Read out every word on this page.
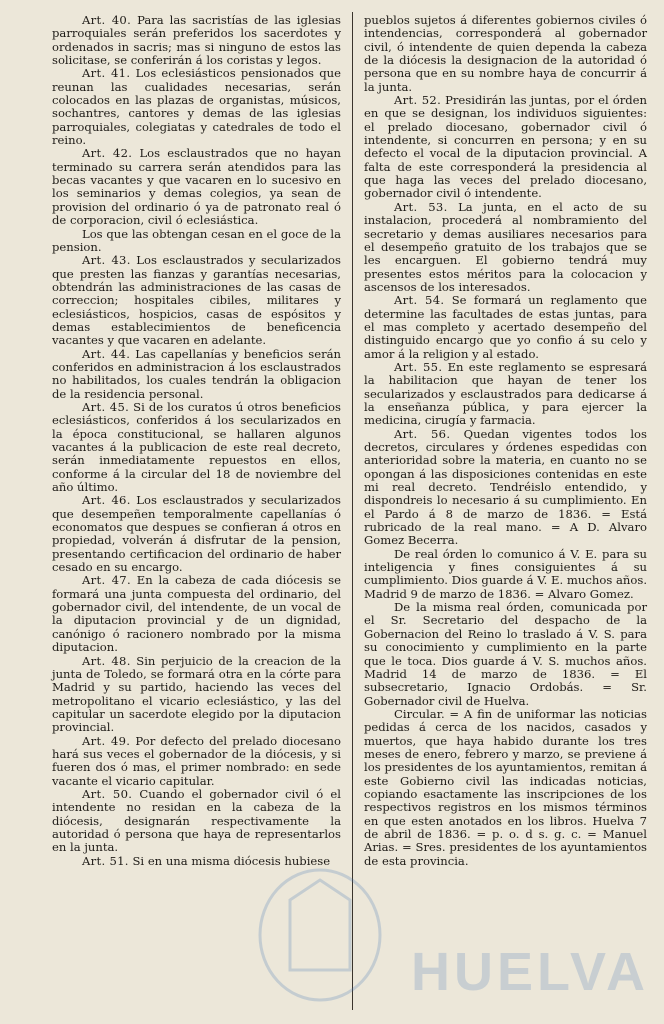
Art. 40. Para las sacristías de las iglesias parroquiales serán preferidos los sacerdotes y ordenados in sacris; mas si ninguno de estos las solicitase, se conferirán á los coristas y legos.

Art. 41. Los eclesiásticos pensionados que reunan las cualidades necesarias, serán colocados en las plazas de organistas, músicos, sochantres, cantores y demas de las iglesias parroquiales, colegiatas y catedrales de todo el reino.

Art. 42. Los esclaustrados que no hayan terminado su carrera serán atendidos para las becas vacantes y que vacaren en lo sucesivo en los seminarios y demas colegios, ya sean de provision del ordinario ó ya de patronato real ó de corporacion, civil ó eclesiástica.

Los que las obtengan cesan en el goce de la pension.

Art. 43. Los esclaustrados y secularizados que presten las fianzas y garantías necesarias, obtendrán las administraciones de las casas de correccion; hospitales cibiles, militares y eclesiásticos, hospicios, casas de espósitos y demas establecimientos de beneficencia vacantes y que vacaren en adelante.

Art. 44. Las capellanías y beneficios serán conferidos en administracion á los esclaustrados no habilitados, los cuales tendrán la obligacion de la residencia personal.

Art. 45. Si de los curatos ú otros beneficios eclesiásticos, conferidos á los secularizados en la época constitucional, se hallaren algunos vacantes á la publicacion de este real decreto, serán inmediatamente repuestos en ellos, conforme á la circular del 18 de noviembre del año último.

Art. 46. Los esclaustrados y secularizados que desempeñen temporalmente capellanías ó economatos que despues se confieran á otros en propiedad, volverán á disfrutar de la pension, presentando certificacion del ordinario de haber cesado en su encargo.

Art. 47. En la cabeza de cada diócesis se formará una junta compuesta del ordinario, del gobernador civil, del intendente, de un vocal de la diputacion provincial y de un dignidad, canónigo ó racionero nombrado por la misma diputacion.

Art. 48. Sin perjuicio de la creacion de la junta de Toledo, se formará otra en la córte para Madrid y su partido, haciendo las veces del metropolitano el vicario eclesiástico, y las del capitular un sacerdote elegido por la diputacion provincial.

Art. 49. Por defecto del prelado diocesano hará sus veces el gobernador de la diócesis, y si fueren dos ó mas, el primer nombrado: en sede vacante el vicario capitular.

Art. 50. Cuando el gobernador civil ó el intendente no residan en la cabeza de la diócesis, designarán respectivamente la autoridad ó persona que haya de representarlos en la junta.

Art. 51. Si en una misma diócesis hubiese

pueblos sujetos á diferentes gobiernos civiles ó intendencias, corresponderá al gobernador civil, ó intendente de quien dependa la cabeza de la diócesis la designacion de la autoridad ó persona que en su nombre haya de concurrir á la junta.

Art. 52. Presidirán las juntas, por el órden en que se designan, los individuos siguientes: el prelado diocesano, gobernador civil ó intendente, si concurren en persona; y en su defecto el vocal de la diputacion provincial. A falta de este corresponderá la presidencia al que haga las veces del prelado diocesano, gobernador civil ó intendente.

Art. 53. La junta, en el acto de su instalacion, procederá al nombramiento del secretario y demas ausiliares necesarios para el desempeño gratuito de los trabajos que se les encarguen. El gobierno tendrá muy presentes estos méritos para la colocacion y ascensos de los interesados.

Art. 54. Se formará un reglamento que determine las facultades de estas juntas, para el mas completo y acertado desempeño del distinguido encargo que yo confio á su celo y amor á la religion y al estado.

Art. 55. En este reglamento se espresará la habilitacion que hayan de tener los secularizados y esclaustrados para dedicarse á la enseñanza pública, y para ejercer la medicina, cirugía y farmacia.

Art. 56. Quedan vigentes todos los decretos, circulares y órdenes espedidas con anterioridad sobre la materia, en cuanto no se opongan á las disposiciones contenidas en este mi real decreto. Tendréislo entendido, y dispondreis lo necesario á su cumplimiento. En el Pardo á 8 de marzo de 1836. = Está rubricado de la real mano. = A D. Alvaro Gomez Becerra.

De real órden lo comunico á V. E. para su inteligencia y fines consiguientes á su cumplimiento. Dios guarde á V. E. muchos años. Madrid 9 de marzo de 1836. = Alvaro Gomez.

De la misma real órden, comunicada por el Sr. Secretario del despacho de la Gobernacion del Reino lo traslado á V. S. para su conocimiento y cumplimiento en la parte que le toca. Dios guarde á V. S. muchos años. Madrid 14 de marzo de 1836. = El subsecretario, Ignacio Ordobás. = Sr. Gobernador civil de Huelva.

Circular. = A fin de uniformar las noticias pedidas á cerca de los nacidos, casados y muertos, que haya habido durante los tres meses de enero, febrero y marzo, se previene á los presidentes de los ayuntamientos, remitan á este Gobierno civil las indicadas noticias, copiando esactamente las inscripciones de los respectivos registros en los mismos términos en que esten anotados en los libros. Huelva 7 de abril de 1836. = p. o. d s. g. c. = Manuel Arias. = Sres. presidentes de los ayuntamientos de esta provincia.

HUELVA
